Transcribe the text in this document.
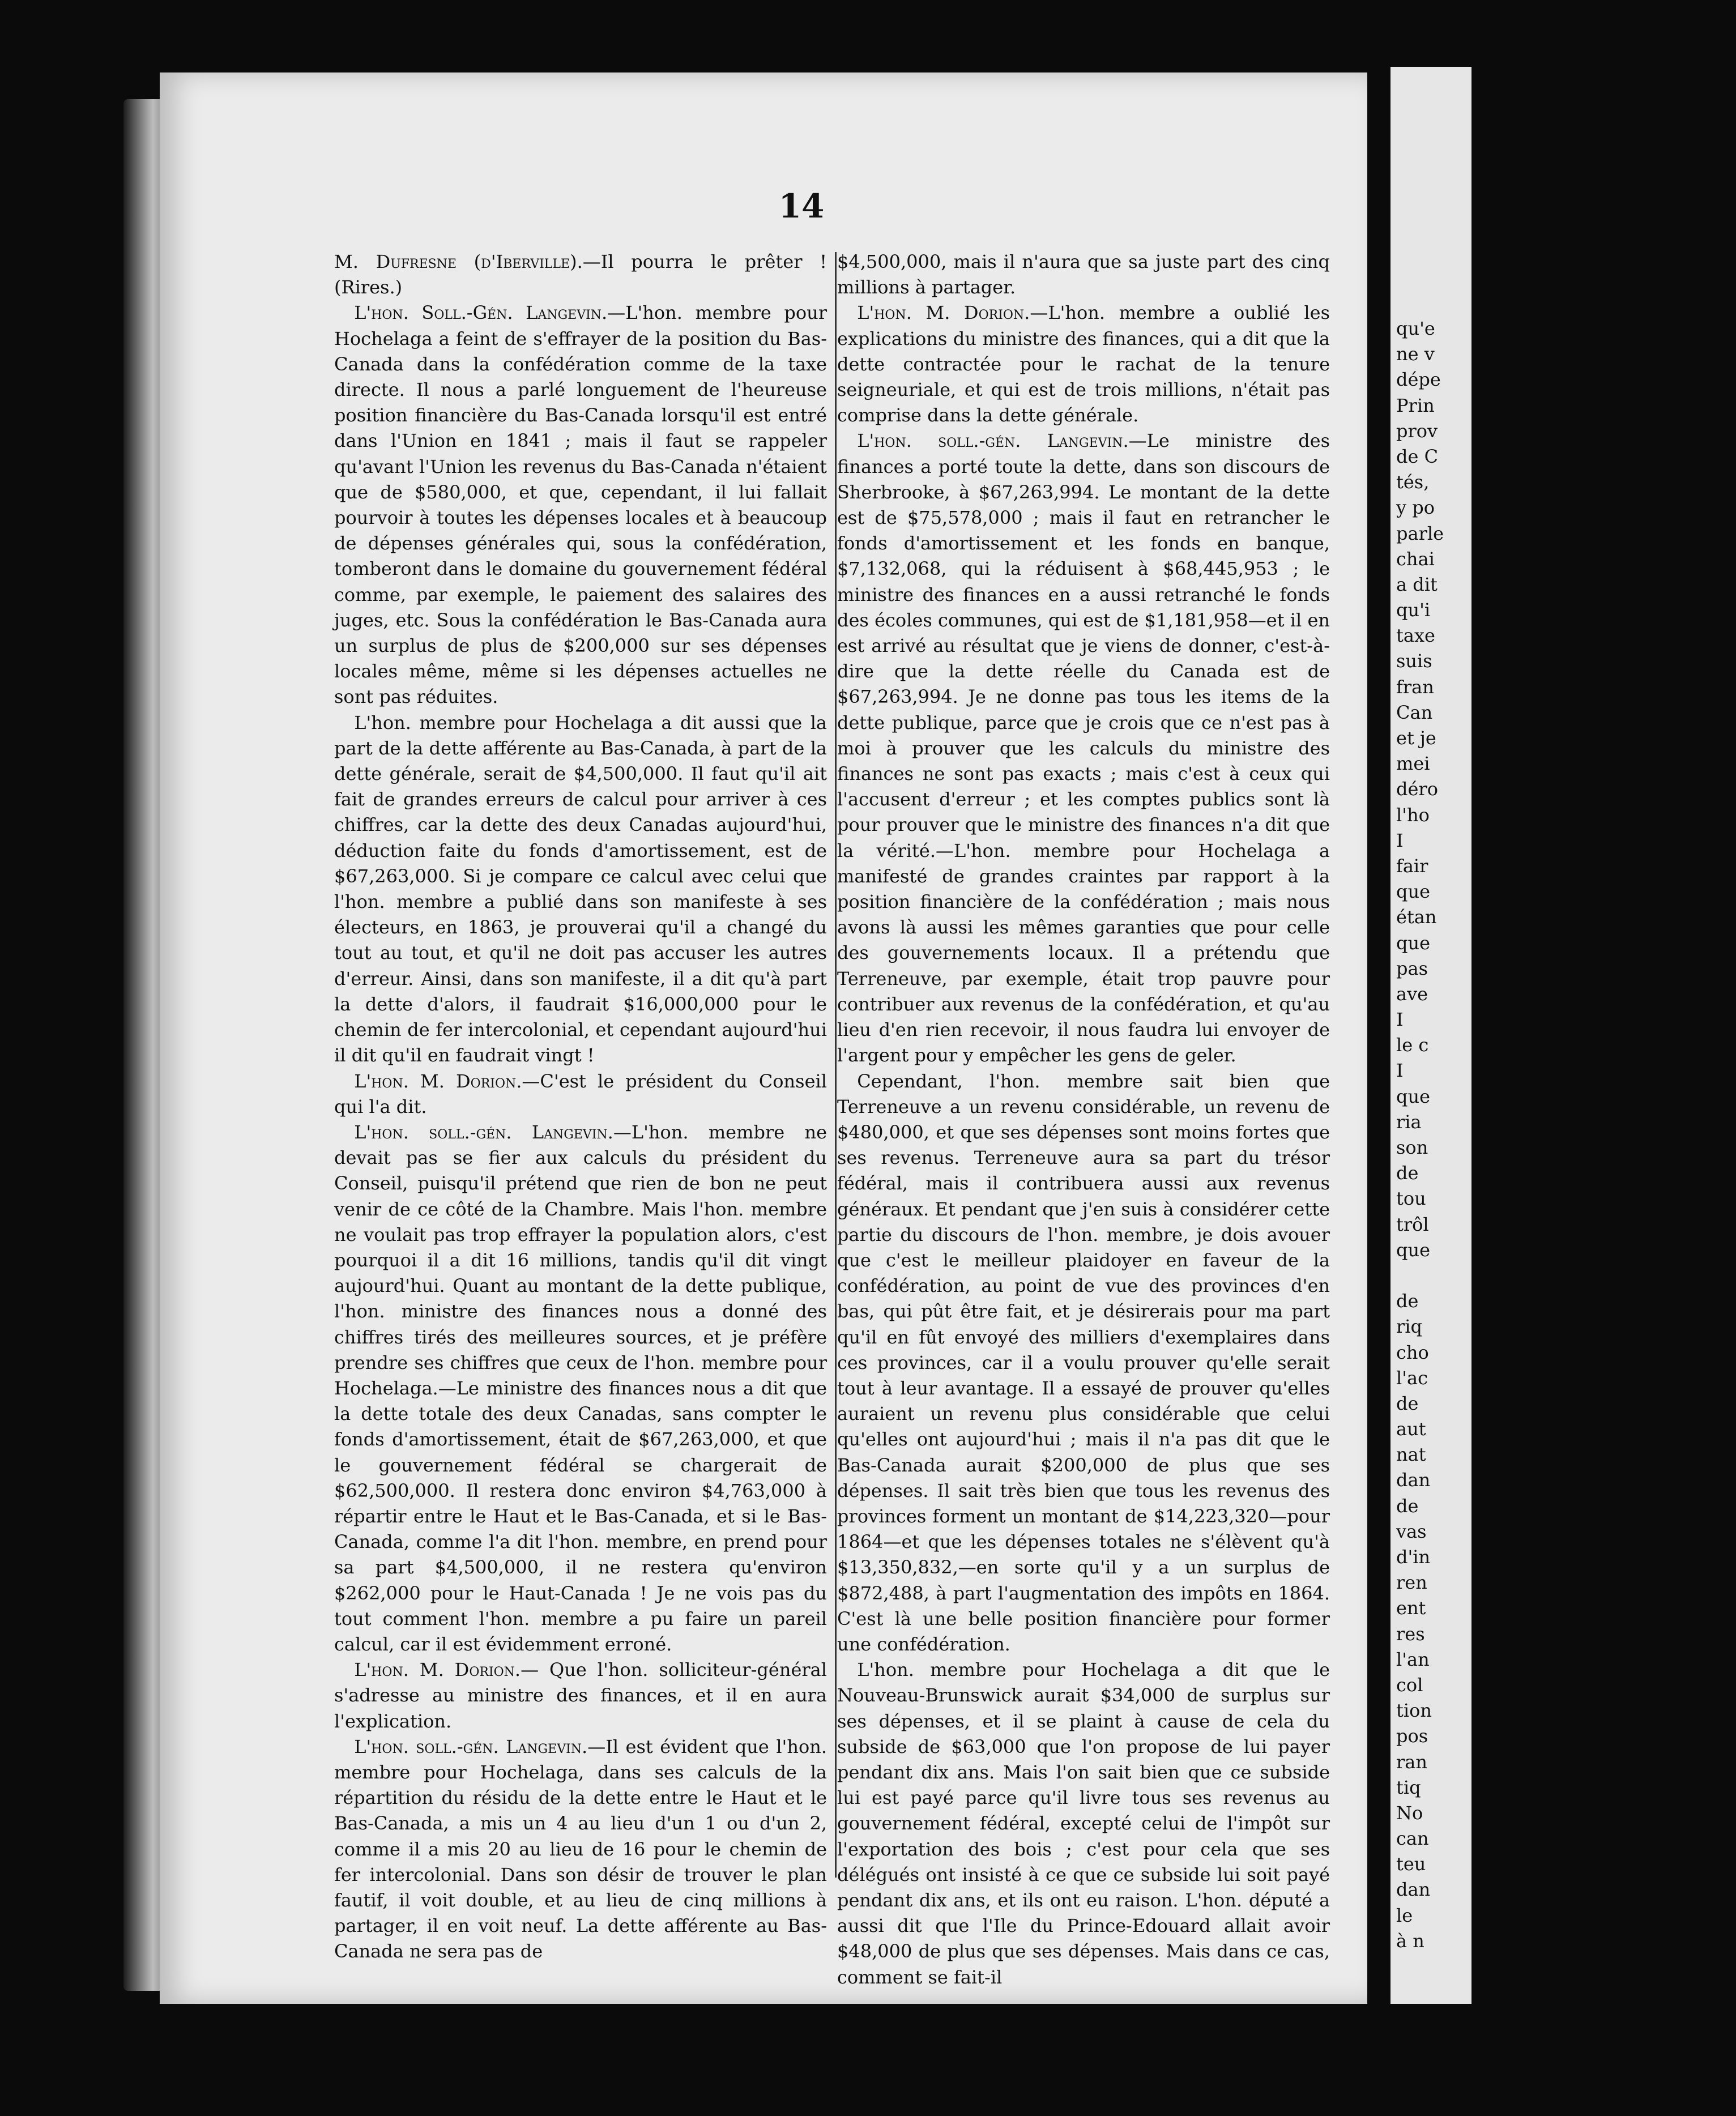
14

M. Dufresne (d'Iberville).—Il pourra le prêter ! (Rires.)

L'hon. Soll.-Gén. Langevin.—L'hon. membre pour Hochelaga a feint de s'effrayer de la position du Bas-Canada dans la confédération comme de la taxe directe. Il nous a parlé longuement de l'heureuse position financière du Bas-Canada lorsqu'il est entré dans l'Union en 1841 ; mais il faut se rappeler qu'avant l'Union les revenus du Bas-Canada n'étaient que de $580,000, et que, cependant, il lui fallait pourvoir à toutes les dépenses locales et à beaucoup de dépenses générales qui, sous la confédération, tomberont dans le domaine du gouvernement fédéral comme, par exemple, le paiement des salaires des juges, etc. Sous la confédération le Bas-Canada aura un surplus de plus de $200,000 sur ses dépenses locales même, même si les dépenses actuelles ne sont pas réduites.

L'hon. membre pour Hochelaga a dit aussi que la part de la dette afférente au Bas-Canada, à part de la dette générale, serait de $4,500,000. Il faut qu'il ait fait de grandes erreurs de calcul pour arriver à ces chiffres, car la dette des deux Canadas aujourd'hui, déduction faite du fonds d'amortissement, est de $67,263,000. Si je compare ce calcul avec celui que l'hon. membre a publié dans son manifeste à ses électeurs, en 1863, je prouverai qu'il a changé du tout au tout, et qu'il ne doit pas accuser les autres d'erreur. Ainsi, dans son manifeste, il a dit qu'à part la dette d'alors, il faudrait $16,000,000 pour le chemin de fer intercolonial, et cependant aujourd'hui il dit qu'il en faudrait vingt !

L'hon. M. Dorion.—C'est le président du Conseil qui l'a dit.

L'hon. soll.-gén. Langevin.—L'hon. membre ne devait pas se fier aux calculs du président du Conseil, puisqu'il prétend que rien de bon ne peut venir de ce côté de la Chambre. Mais l'hon. membre ne voulait pas trop effrayer la population alors, c'est pourquoi il a dit 16 millions, tandis qu'il dit vingt aujourd'hui. Quant au montant de la dette publique, l'hon. ministre des finances nous a donné des chiffres tirés des meilleures sources, et je préfère prendre ses chiffres que ceux de l'hon. membre pour Hochelaga.—Le ministre des finances nous a dit que la dette totale des deux Canadas, sans compter le fonds d'amortissement, était de $67,263,000, et que le gouvernement fédéral se chargerait de $62,500,000. Il restera donc environ $4,763,000 à répartir entre le Haut et le Bas-Canada, et si le Bas-Canada, comme l'a dit l'hon. membre, en prend pour sa part $4,500,000, il ne restera qu'environ $262,000 pour le Haut-Canada ! Je ne vois pas du tout comment l'hon. membre a pu faire un pareil calcul, car il est évidemment erroné.

L'hon. M. Dorion.— Que l'hon. solliciteur-général s'adresse au ministre des finances, et il en aura l'explication.

L'hon. soll.-gén. Langevin.—Il est évident que l'hon. membre pour Hochelaga, dans ses calculs de la répartition du résidu de la dette entre le Haut et le Bas-Canada, a mis un 4 au lieu d'un 1 ou d'un 2, comme il a mis 20 au lieu de 16 pour le chemin de fer intercolonial. Dans son désir de trouver le plan fautif, il voit double, et au lieu de cinq millions à partager, il en voit neuf. La dette afférente au Bas-Canada ne sera pas de

$4,500,000, mais il n'aura que sa juste part des cinq millions à partager.

L'hon. M. Dorion.—L'hon. membre a oublié les explications du ministre des finances, qui a dit que la dette contractée pour le rachat de la tenure seigneuriale, et qui est de trois millions, n'était pas comprise dans la dette générale.

L'hon. soll.-gén. Langevin.—Le ministre des finances a porté toute la dette, dans son discours de Sherbrooke, à $67,263,994. Le montant de la dette est de $75,578,000 ; mais il faut en retrancher le fonds d'amortissement et les fonds en banque, $7,132,068, qui la réduisent à $68,445,953 ; le ministre des finances en a aussi retranché le fonds des écoles communes, qui est de $1,181,958—et il en est arrivé au résultat que je viens de donner, c'est-à-dire que la dette réelle du Canada est de $67,263,994. Je ne donne pas tous les items de la dette publique, parce que je crois que ce n'est pas à moi à prouver que les calculs du ministre des finances ne sont pas exacts ; mais c'est à ceux qui l'accusent d'erreur ; et les comptes publics sont là pour prouver que le ministre des finances n'a dit que la vérité.—L'hon. membre pour Hochelaga a manifesté de grandes craintes par rapport à la position financière de la confédération ; mais nous avons là aussi les mêmes garanties que pour celle des gouvernements locaux. Il a prétendu que Terreneuve, par exemple, était trop pauvre pour contribuer aux revenus de la confédération, et qu'au lieu d'en rien recevoir, il nous faudra lui envoyer de l'argent pour y empêcher les gens de geler.

Cependant, l'hon. membre sait bien que Terreneuve a un revenu considérable, un revenu de $480,000, et que ses dépenses sont moins fortes que ses revenus. Terreneuve aura sa part du trésor fédéral, mais il contribuera aussi aux revenus généraux. Et pendant que j'en suis à considérer cette partie du discours de l'hon. membre, je dois avouer que c'est le meilleur plaidoyer en faveur de la confédération, au point de vue des provinces d'en bas, qui pût être fait, et je désirerais pour ma part qu'il en fût envoyé des milliers d'exemplaires dans ces provinces, car il a voulu prouver qu'elle serait tout à leur avantage. Il a essayé de prouver qu'elles auraient un revenu plus considérable que celui qu'elles ont aujourd'hui ; mais il n'a pas dit que le Bas-Canada aurait $200,000 de plus que ses dépenses. Il sait très bien que tous les revenus des provinces forment un montant de $14,223,320—pour 1864—et que les dépenses totales ne s'élèvent qu'à $13,350,832,—en sorte qu'il y a un surplus de $872,488, à part l'augmentation des impôts en 1864. C'est là une belle position financière pour former une confédération.

L'hon. membre pour Hochelaga a dit que le Nouveau-Brunswick aurait $34,000 de surplus sur ses dépenses, et il se plaint à cause de cela du subside de $63,000 que l'on propose de lui payer pendant dix ans. Mais l'on sait bien que ce subside lui est payé parce qu'il livre tous ses revenus au gouvernement fédéral, excepté celui de l'impôt sur l'exportation des bois ; c'est pour cela que ses délégués ont insisté à ce que ce subside lui soit payé pendant dix ans, et ils ont eu raison. L'hon. député a aussi dit que l'Ile du Prince-Edouard allait avoir $48,000 de plus que ses dépenses. Mais dans ce cas, comment se fait-il

qu'e
ne v
dépe
Prin
prov
de C
tés,
y po
parle
chai
a dit
qu'i
taxe
suis
fran
Can
et je
mei
déro
l'ho
I
fair
que
étan
que
pas
ave
I
le c
I
que
ria
son
de
tou
trôl
que
de
riq
cho
l'ac
de
aut
nat
dan
de
vas
d'in
ren
ent
res
l'an
col
tion
pos
ran
tiq
No
can
teu
dan
le
à n
